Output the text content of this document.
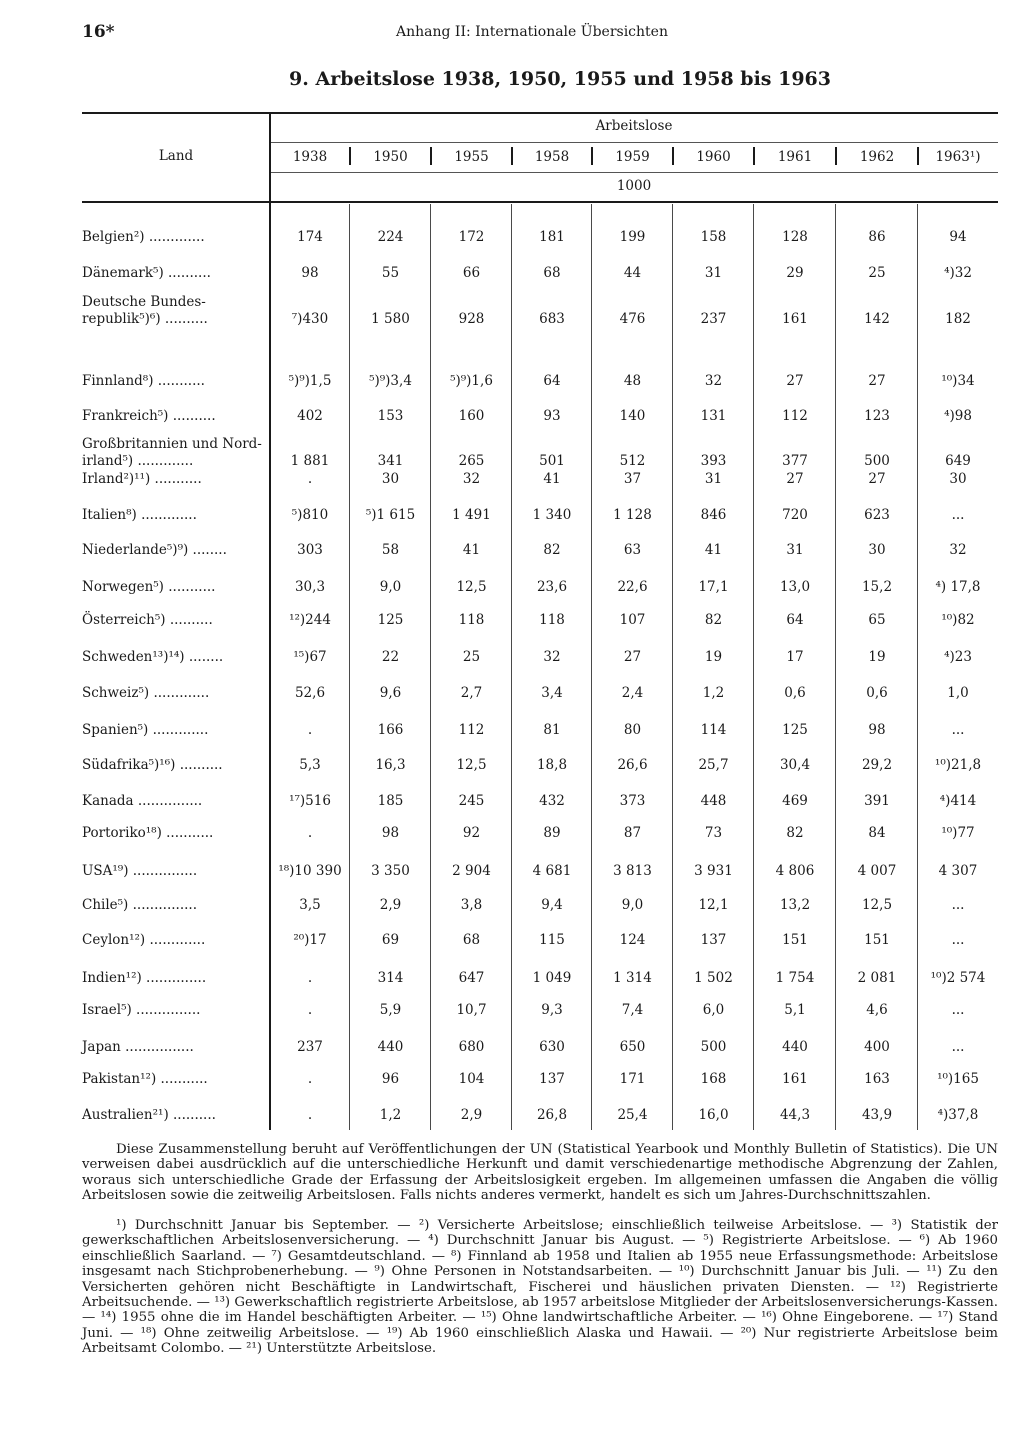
16*	Anhang II: Internationale Übersichten
9. Arbeitslose 1938, 1950, 1955 und 1958 bis 1963
Land
Arbeitslose
1000
1938	1950	1955	1958	1959	1960	1961	1962	1963¹)
Belgien²) .............	174	224	172	181	199	158	128	86	94
Dänemark⁵) ..........	98	55	66	68	44	31	29	25	⁴)32
Deutsche Bundes-
republik⁵)⁶) ..........	⁷)430	1 580	928	683	476	237	161	142	182
Finnland⁸) ...........	⁵)⁹)1,5	⁵)⁹)3,4	⁵)⁹)1,6	64	48	32	27	27	¹⁰)34
Frankreich⁵) ..........	402	153	160	93	140	131	112	123	⁴)98
Großbritannien und Nord-
irland⁵) .............	1 881	341	265	501	512	393	377	500	649
Irland²)¹¹) ...........	.	30	32	41	37	31	27	27	30
Italien⁸) .............	⁵)810	⁵)1 615	1 491	1 340	1 128	846	720	623	...
Niederlande⁵)⁹) ........	303	58	41	82	63	41	31	30	32
Norwegen⁵) ...........	30,3	9,0	12,5	23,6	22,6	17,1	13,0	15,2	⁴) 17,8
Österreich⁵) ..........	¹²)244	125	118	118	107	82	64	65	¹⁰)82
Schweden¹³)¹⁴) ........	¹⁵)67	22	25	32	27	19	17	19	⁴)23
Schweiz⁵) .............	52,6	9,6	2,7	3,4	2,4	1,2	0,6	0,6	1,0
Spanien⁵) .............	.	166	112	81	80	114	125	98	...
Südafrika⁵)¹⁶) ..........	5,3	16,3	12,5	18,8	26,6	25,7	30,4	29,2	¹⁰)21,8
Kanada ...............	¹⁷)516	185	245	432	373	448	469	391	⁴)414
Portoriko¹⁸) ...........	.	98	92	89	87	73	82	84	¹⁰)77
USA¹⁹) ...............	¹⁸)10 390	3 350	2 904	4 681	3 813	3 931	4 806	4 007	4 307
Chile⁵) ...............	3,5	2,9	3,8	9,4	9,0	12,1	13,2	12,5	...
Ceylon¹²) .............	²⁰)17	69	68	115	124	137	151	151	...
Indien¹²) ..............	.	314	647	1 049	1 314	1 502	1 754	2 081	¹⁰)2 574
Israel⁵) ...............	.	5,9	10,7	9,3	7,4	6,0	5,1	4,6	...
Japan ................	237	440	680	630	650	500	440	400	...
Pakistan¹²) ...........	.	96	104	137	171	168	161	163	¹⁰)165
Australien²¹) ..........	.	1,2	2,9	26,8	25,4	16,0	44,3	43,9	⁴)37,8

Diese Zusammenstellung beruht auf Veröffentlichungen der UN (Statistical Yearbook und Monthly Bulletin of Statistics). Die UN verweisen dabei ausdrücklich auf die unterschiedliche Herkunft und damit verschiedenartige methodische Abgrenzung der Zahlen, woraus sich unterschiedliche Grade der Erfassung der Arbeitslosigkeit ergeben. Im allgemeinen umfassen die Angaben die völlig Arbeitslosen sowie die zeitweilig Arbeitslosen. Falls nichts anderes vermerkt, handelt es sich um Jahres-Durchschnittszahlen.

¹) Durchschnitt Januar bis September. — ²) Versicherte Arbeitslose; einschließlich teilweise Arbeitslose. — ³) Statistik der gewerkschaftlichen Arbeitslosenversicherung. — ⁴) Durchschnitt Januar bis August. — ⁵) Registrierte Arbeitslose. — ⁶) Ab 1960 einschließlich Saarland. — ⁷) Gesamtdeutschland. — ⁸) Finnland ab 1958 und Italien ab 1955 neue Erfassungsmethode: Arbeitslose insgesamt nach Stichprobenerhebung. — ⁹) Ohne Personen in Notstandsarbeiten. — ¹⁰) Durchschnitt Januar bis Juli. — ¹¹) Zu den Versicherten gehören nicht Beschäftigte in Landwirtschaft, Fischerei und häuslichen privaten Diensten. — ¹²) Registrierte Arbeitsuchende. — ¹³) Gewerkschaftlich registrierte Arbeitslose, ab 1957 arbeitslose Mitglieder der Arbeitslosenversicherungs-Kassen. — ¹⁴) 1955 ohne die im Handel beschäftigten Arbeiter. — ¹⁵) Ohne landwirtschaftliche Arbeiter. — ¹⁶) Ohne Eingeborene. — ¹⁷) Stand Juni. — ¹⁸) Ohne zeitweilig Arbeitslose. — ¹⁹) Ab 1960 einschließlich Alaska und Hawaii. — ²⁰) Nur registrierte Arbeitslose beim Arbeitsamt Colombo. — ²¹) Unterstützte Arbeitslose.
